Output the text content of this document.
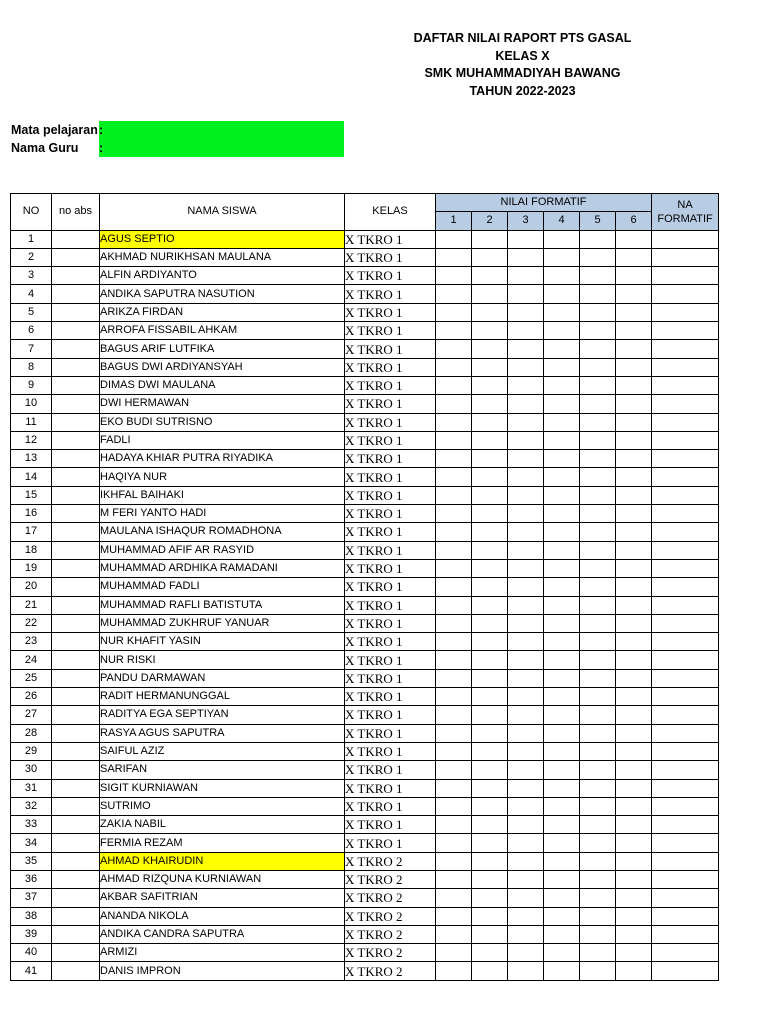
DAFTAR NILAI RAPORT PTS GASAL
KELAS X
SMK MUHAMMADIYAH BAWANG
TAHUN 2022-2023
Mata pelajaran:
Nama Guru :
NO	no abs	NAMA SISWA	KELAS	NILAI FORMATIF						NA FORMATIF
				1	2	3	4	5	6	
1		AGUS SEPTIO	X TKRO 1							
2		AKHMAD NURIKHSAN MAULANA	X TKRO 1							
3		ALFIN ARDIYANTO	X TKRO 1							
4		ANDIKA SAPUTRA NASUTION	X TKRO 1							
5		ARIKZA FIRDAN	X TKRO 1							
6		ARROFA FISSABIL AHKAM	X TKRO 1							
7		BAGUS ARIF LUTFIKA	X TKRO 1							
8		BAGUS DWI ARDIYANSYAH	X TKRO 1							
9		DIMAS DWI MAULANA	X TKRO 1							
10		DWI HERMAWAN	X TKRO 1							
11		EKO BUDI SUTRISNO	X TKRO 1							
12		FADLI	X TKRO 1							
13		HADAYA KHIAR PUTRA RIYADIKA	X TKRO 1							
14		HAQIYA NUR	X TKRO 1							
15		IKHFAL BAIHAKI	X TKRO 1							
16		M FERI YANTO HADI	X TKRO 1							
17		MAULANA ISHAQUR ROMADHONA	X TKRO 1							
18		MUHAMMAD AFIF AR RASYID	X TKRO 1							
19		MUHAMMAD ARDHIKA RAMADANI	X TKRO 1							
20		MUHAMMAD FADLI	X TKRO 1							
21		MUHAMMAD RAFLI BATISTUTA	X TKRO 1							
22		MUHAMMAD ZUKHRUF YANUAR	X TKRO 1							
23		NUR KHAFIT YASIN	X TKRO 1							
24		NUR RISKI	X TKRO 1							
25		PANDU DARMAWAN	X TKRO 1							
26		RADIT HERMANUNGGAL	X TKRO 1							
27		RADITYA EGA SEPTIYAN	X TKRO 1							
28		RASYA AGUS SAPUTRA	X TKRO 1							
29		SAIFUL AZIZ	X TKRO 1							
30		SARIFAN	X TKRO 1							
31		SIGIT KURNIAWAN	X TKRO 1							
32		SUTRIMO	X TKRO 1							
33		ZAKIA NABIL	X TKRO 1							
34		FERMIA REZAM	X TKRO 1							
35		AHMAD KHAIRUDIN	X TKRO 2							
36		AHMAD RIZQUNA KURNIAWAN	X TKRO 2							
37		AKBAR SAFITRIAN	X TKRO 2							
38		ANANDA NIKOLA	X TKRO 2							
39		ANDIKA CANDRA SAPUTRA	X TKRO 2							
40		ARMIZI	X TKRO 2							
41		DANIS IMPRON	X TKRO 2							
